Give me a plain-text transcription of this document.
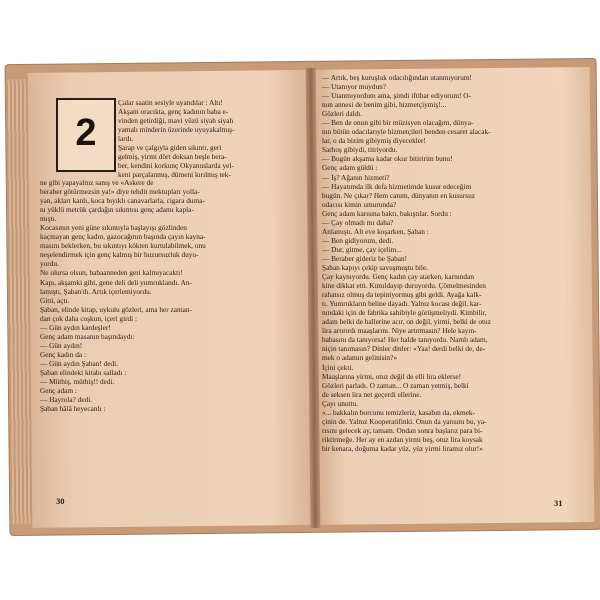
2
Çalar saatin sesiyle uyandılar : Altı!
Akşam oracıkta, genç kadının baba e-
vinden getirdiği, mavi yüzü siyah siyah
yamalı minderin üzerinde uyuyakalmış-
lardı.
Şarap ve çalgıyla giden sıkıntı, geri
gelmiş, yirmi dört doksan beşle bera-
ber, kendini korkunç Okyanuslarda yel-
keni parçalanmış, dümeni kırılmış tek-
ne gibi yapayalnız sanış ve «Askere de
beraber götürmezsin ya!» diye tehdit mektupları yolla-
yan, akları kanlı, koca bıyıklı canavarlarla, cigara duma-
nı yüklü metrük çardağın sıkıntısı genç adamı kapla-
mıştı.
Kocasının yeni güne sıkıntıyla başlayışı gözlinden
kaçmayan genç kadın, gazocağının başında çayın kayna-
masını beklerken, bu sıkıntıyı kökten kurtulabilmek, onu
neşelendirmek için genç kalmış bir huzursuzluk duyu-
yordu.
Ne olursa olsun, babaanneden geri kalmıyacaktı!
Kapı, akşamki gibi, gene deli deli yumruklandı. An-
lamıştı, Şaban'dı. Artık içerlemiyordu.
Gitti, açtı.
Şaban, elinde kitap, uykulu gözleri, ama her zaman-
dan çok daha coşkun, içeri girdi :
— Gün aydın kardeşler!
Genç adam masanın başındaydı:
— Gün aydın!
Genç kadın da :
— Gün aydın Şaban! dedi.
Şaban elindeki kitabı salladı :
— Müthiş, müthiş!! dedi.
Genç adam :
— Hayrola? dedi.
Şaban hâlâ heyecanlı :
— Artık, beş kuruşluk odacılığından utanmıyorum!
— Utanıyor muydun?
— Utanmıyordum ama, şimdi iftihar ediyorum! O-
nun annesi de benim gibi, hizmetçiymiş!...
Gözleri daldı.
— Ben de onun gibi bir müzisyen olacağım, dünya-
nın bütün odacılarıyle hizmetçileri benden cesaret alacak-
lar, o da bizim gibiymiş diyecekler!
Sarhoş gibiydi, titriyordu.
— Bugün akşama kadar okur bitiririm bunu!
Genç adam güldü :
— İş? Ağanın hizmeti?
— Hayatımda ilk defa hizmetimde kusur edeceğim
bugün. Ne çıkar? Hem canım, dünyanın en kusursuz
odacısı kimin umurunda?
Genç adam karısına baktı, bakıştılar. Sordu :
— Çay olmadı mı daha?
Anlamıştı. Alt eve koşarken, Şaban :
— Ben gidiyorum, dedi.
— Dur, gitme, çay içelim...
— Beraber gideriz be Şaban!
Şaban kapıyı çekip savuşmuştu bile.
Çay kaynıyordu. Genç kadın çay atarken, karnından
kine dikkat etti. Kımıldayıp duruyordu. Çömelmesinden
rahatsız olmuş da tepiniyormuş gibi geldi. Ayağa kalk-
tı. Yumrukların beline dayadı. Yalnız kocası değil, kar-
nındaki için de fabrika sahibiyle görüşmeliydi. Kimbilir,
adam belki de hallerine acır, on değil, yirmi, belki de otuz
lira artırırdı maaşlarını. Niye artırmasın? Hele kayın-
babasını da tanıyorsa! Her halde tanıyordu. Namlı adam,
niçin tanımasın? Dinler dinler: «Yaa! derdi belki de, de-
mek o adamın gelinisin?»
İçini çekti.
Maaşlarına yirmi, otuz değil de elli lira eklerse!
Gözleri parladı. O zaman... O zaman yetmiş, belki
de seksen lira net geçerdi ellerine.
Çayı unuttu.
«... bakkalın borcunu temizleriz, kasabın da, ekmek-
çinin de. Yalnız Kooperatifinki. Onun da yarısını bu, ya-
rısını gelecek ay, tamam. Ondan sonra başlarız para bi-
riktirmeğe. Her ay en azdan yirmi beş, otuz lira koysak
bir kenara, doğuma kadar yüz, yüz yirmi liramız olur!»
30	31
